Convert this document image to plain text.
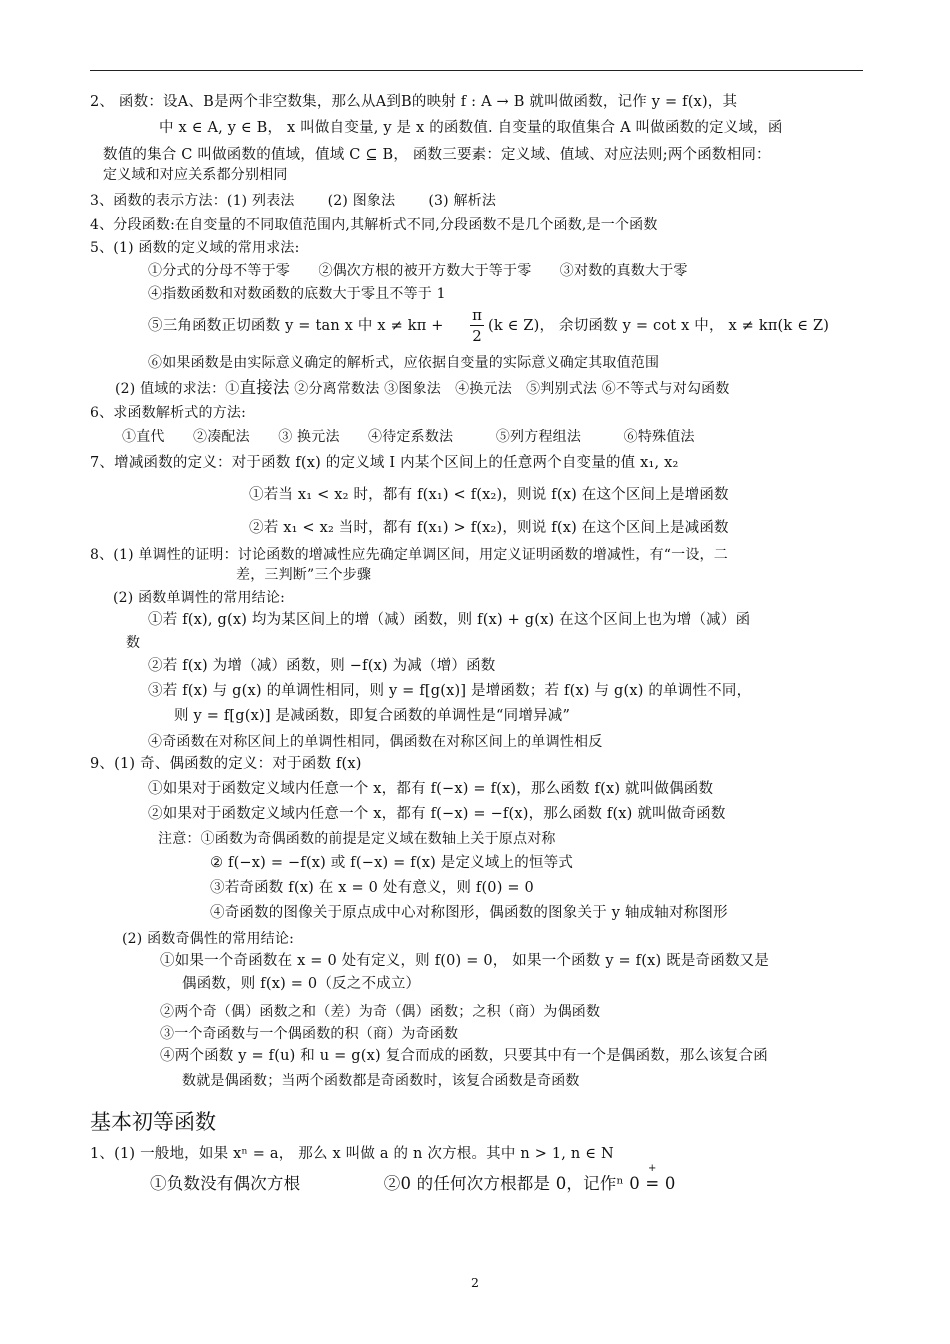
2、 函数：设A、B是两个非空数集，那么从A到B的映射 f : A → B 就叫做函数，记作 y = f(x)，其
中 x ∈ A, y ∈ B， x 叫做自变量, y 是 x 的函数值. 自变量的取值集合 A 叫做函数的定义域，函
数值的集合 C 叫做函数的值域，值域 C ⊆ B， 函数三要素：定义域、值域、对应法则;两个函数相同：
定义域和对应关系都分别相同
3、函数的表示方法：(1) 列表法　　 (2) 图象法　　 (3) 解析法
4、分段函数:在自变量的不同取值范围内,其解析式不同,分段函数不是几个函数,是一个函数
5、(1) 函数的定义域的常用求法:
①分式的分母不等于零　　②偶次方根的被开方数大于等于零　　③对数的真数大于零
④指数函数和对数函数的底数大于零且不等于 1
⑤三角函数正切函数 y = tan x 中 x ≠ kπ +
π
2
(k ∈ Z)， 余切函数 y = cot x 中， x ≠ kπ(k ∈ Z)
⑥如果函数是由实际意义确定的解析式，应依据自变量的实际意义确定其取值范围
(2) 值域的求法：①直接法 ②分离常数法 ③图象法　④换元法　⑤判别式法 ⑥不等式与对勾函数
6、求函数解析式的方法:
①直代　　②凑配法　　③ 换元法　　④待定系数法　　　⑤列方程组法　　　⑥特殊值法
7、增减函数的定义：对于函数 f(x) 的定义域 I 内某个区间上的任意两个自变量的值 x₁, x₂
①若当 x₁ < x₂ 时，都有 f(x₁) < f(x₂)，则说 f(x) 在这个区间上是增函数
②若 x₁ < x₂ 当时，都有 f(x₁) > f(x₂)，则说 f(x) 在这个区间上是减函数
8、(1) 单调性的证明：讨论函数的增减性应先确定单调区间，用定义证明函数的增减性，有“一设，二
差，三判断”三个步骤
(2) 函数单调性的常用结论:
①若 f(x), g(x) 均为某区间上的增（减）函数，则 f(x) + g(x) 在这个区间上也为增（减）函
数
②若 f(x) 为增（减）函数，则 −f(x) 为减（增）函数
③若 f(x) 与 g(x) 的单调性相同，则 y = f[g(x)] 是增函数；若 f(x) 与 g(x) 的单调性不同，
则 y = f[g(x)] 是减函数，即复合函数的单调性是“同增异减”
④奇函数在对称区间上的单调性相同，偶函数在对称区间上的单调性相反
9、(1) 奇、偶函数的定义：对于函数 f(x)
①如果对于函数定义域内任意一个 x，都有 f(−x) = f(x)，那么函数 f(x) 就叫做偶函数
②如果对于函数定义域内任意一个 x，都有 f(−x) = −f(x)，那么函数 f(x) 就叫做奇函数
注意：①函数为奇偶函数的前提是定义域在数轴上关于原点对称
② f(−x) = −f(x) 或 f(−x) = f(x) 是定义域上的恒等式
③若奇函数 f(x) 在 x = 0 处有意义，则 f(0) = 0
④奇函数的图像关于原点成中心对称图形，偶函数的图象关于 y 轴成轴对称图形
(2) 函数奇偶性的常用结论:
①如果一个奇函数在 x = 0 处有定义，则 f(0) = 0， 如果一个函数 y = f(x) 既是奇函数又是
偶函数，则 f(x) = 0（反之不成立）
②两个奇（偶）函数之和（差）为奇（偶）函数；之积（商）为偶函数
③一个奇函数与一个偶函数的积（商）为奇函数
④两个函数 y = f(u) 和 u = g(x) 复合而成的函数，只要其中有一个是偶函数，那么该复合函
数就是偶函数；当两个函数都是奇函数时，该复合函数是奇函数
基本初等函数
1、(1) 一般地，如果 xⁿ = a， 那么 x 叫做 a 的 n 次方根。其中 n > 1, n ∈ N
+
①负数没有偶次方根　　　　　②0 的任何次方根都是 0，记作ⁿ 0 = 0
2
